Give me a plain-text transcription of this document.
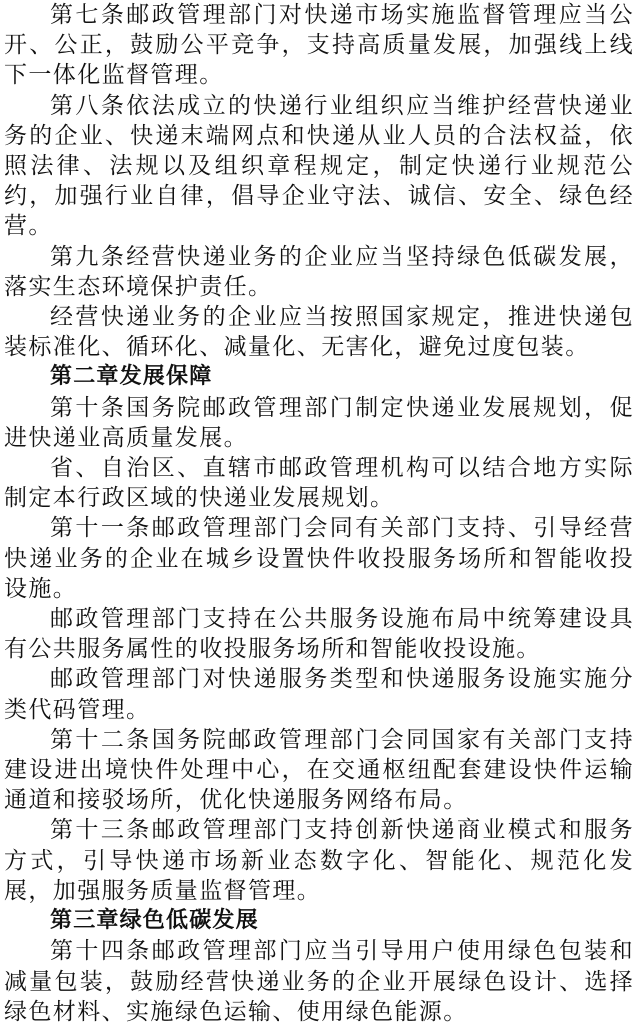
第七条邮政管理部门对快递市场实施监督管理应当公开、公正，鼓励公平竞争，支持高质量发展，加强线上线下一体化监督管理。

第八条依法成立的快递行业组织应当维护经营快递业务的企业、快递末端网点和快递从业人员的合法权益，依照法律、法规以及组织章程规定，制定快递行业规范公约，加强行业自律，倡导企业守法、诚信、安全、绿色经营。

第九条经营快递业务的企业应当坚持绿色低碳发展，落实生态环境保护责任。

经营快递业务的企业应当按照国家规定，推进快递包装标准化、循环化、减量化、无害化，避免过度包装。

第二章发展保障

第十条国务院邮政管理部门制定快递业发展规划，促进快递业高质量发展。

省、自治区、直辖市邮政管理机构可以结合地方实际制定本行政区域的快递业发展规划。

第十一条邮政管理部门会同有关部门支持、引导经营快递业务的企业在城乡设置快件收投服务场所和智能收投设施。

邮政管理部门支持在公共服务设施布局中统筹建设具有公共服务属性的收投服务场所和智能收投设施。

邮政管理部门对快递服务类型和快递服务设施实施分类代码管理。

第十二条国务院邮政管理部门会同国家有关部门支持建设进出境快件处理中心，在交通枢纽配套建设快件运输通道和接驳场所，优化快递服务网络布局。

第十三条邮政管理部门支持创新快递商业模式和服务方式，引导快递市场新业态数字化、智能化、规范化发展，加强服务质量监督管理。

第三章绿色低碳发展

第十四条邮政管理部门应当引导用户使用绿色包装和减量包装，鼓励经营快递业务的企业开展绿色设计、选择绿色材料、实施绿色运输、使用绿色能源。
